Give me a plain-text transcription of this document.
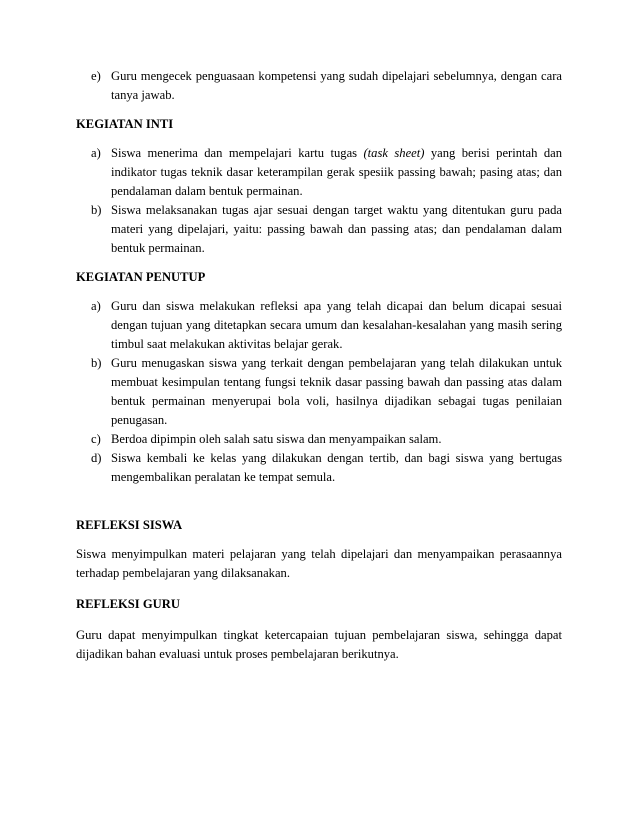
e) Guru mengecek penguasaan kompetensi yang sudah dipelajari sebelumnya, dengan cara tanya jawab.
KEGIATAN INTI
a) Siswa menerima dan mempelajari kartu tugas (task sheet) yang berisi perintah dan indikator tugas teknik dasar keterampilan gerak spesiik passing bawah; pasing atas; dan pendalaman dalam bentuk permainan.
b) Siswa melaksanakan tugas ajar sesuai dengan target waktu yang ditentukan guru pada materi yang dipelajari, yaitu: passing bawah dan passing atas; dan pendalaman dalam bentuk permainan.
KEGIATAN PENUTUP
a) Guru dan siswa melakukan refleksi apa yang telah dicapai dan belum dicapai sesuai dengan tujuan yang ditetapkan secara umum dan kesalahan-kesalahan yang masih sering timbul saat melakukan aktivitas belajar gerak.
b) Guru menugaskan siswa yang terkait dengan pembelajaran yang telah dilakukan untuk membuat kesimpulan tentang fungsi teknik dasar passing bawah dan passing atas dalam bentuk permainan menyerupai bola voli, hasilnya dijadikan sebagai tugas penilaian penugasan.
c) Berdoa dipimpin oleh salah satu siswa dan menyampaikan salam.
d) Siswa kembali ke kelas yang dilakukan dengan tertib, dan bagi siswa yang bertugas mengembalikan peralatan ke tempat semula.
REFLEKSI SISWA

Siswa menyimpulkan materi pelajaran yang telah dipelajari dan menyampaikan perasaannya terhadap pembelajaran yang dilaksanakan.

REFLEKSI GURU

Guru dapat menyimpulkan tingkat ketercapaian tujuan pembelajaran siswa, sehingga dapat dijadikan bahan evaluasi untuk proses pembelajaran berikutnya.
